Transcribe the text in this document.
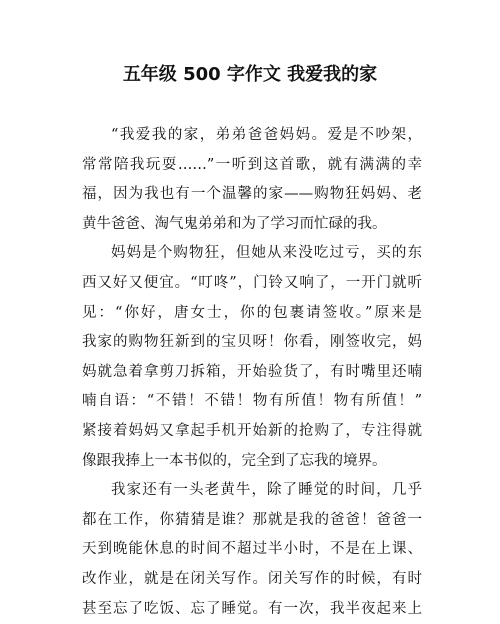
五年级 500 字作文 我爱我的家
“我爱我的家，弟弟爸爸妈妈。爱是不吵架，
常常陪我玩耍……”一听到这首歌，就有满满的幸
福，因为我也有一个温馨的家——购物狂妈妈、老
黄牛爸爸、淘气鬼弟弟和为了学习而忙碌的我。
妈妈是个购物狂，但她从来没吃过亏，买的东
西又好又便宜。“叮咚”，门铃又响了，一开门就听
见：“你好，唐女士，你的包裹请签收。”原来是
我家的购物狂新到的宝贝呀！你看，刚签收完，妈
妈就急着拿剪刀拆箱，开始验货了，有时嘴里还喃
喃自语：“不错！不错！物有所值！物有所值！”
紧接着妈妈又拿起手机开始新的抢购了，专注得就
像跟我捧上一本书似的，完全到了忘我的境界。
我家还有一头老黄牛，除了睡觉的时间，几乎
都在工作，你猜猜是谁？那就是我的爸爸！爸爸一
天到晚能休息的时间不超过半小时，不是在上课、
改作业，就是在闭关写作。闭关写作的时候，有时
甚至忘了吃饭、忘了睡觉。有一次，我半夜起来上
